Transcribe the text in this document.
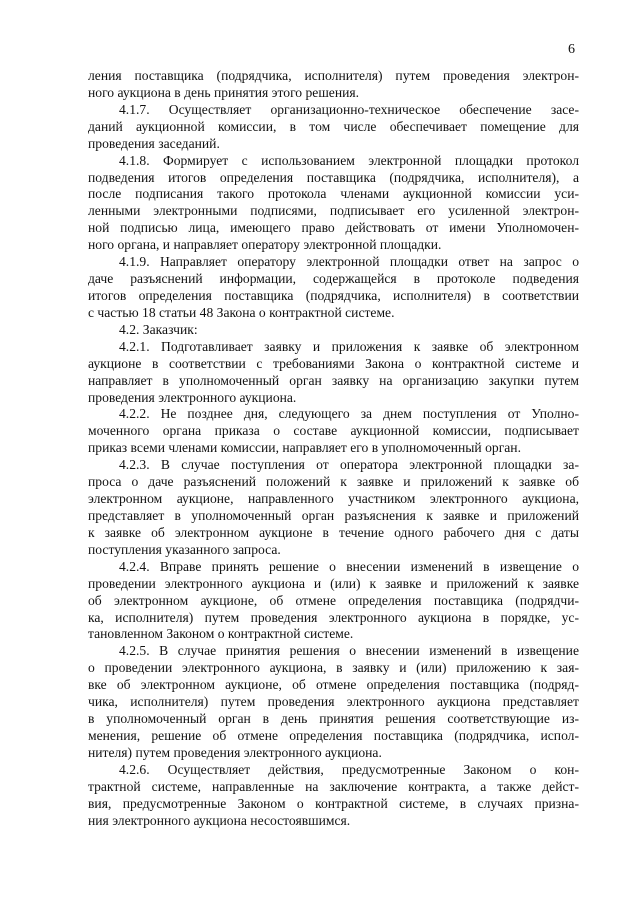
6
ления поставщика (подрядчика, исполнителя) путем проведения электрон-
ного аукциона в день принятия этого решения.
4.1.7. Осуществляет организационно-техническое обеспечение засе-
даний аукционной комиссии, в том числе обеспечивает помещение для
проведения заседаний.
4.1.8. Формирует с использованием электронной площадки протокол
подведения итогов определения поставщика (подрядчика, исполнителя), а
после подписания такого протокола членами аукционной комиссии уси-
ленными электронными подписями, подписывает его усиленной электрон-
ной подписью лица, имеющего право действовать от имени Уполномочен-
ного органа, и направляет оператору электронной площадки.
4.1.9. Направляет оператору электронной площадки ответ на запрос о
даче разъяснений информации, содержащейся в протоколе подведения
итогов определения поставщика (подрядчика, исполнителя) в соответствии
с частью 18 статьи 48 Закона о контрактной системе.
4.2. Заказчик:
4.2.1. Подготавливает заявку и приложения к заявке об электронном
аукционе в соответствии с требованиями Закона о контрактной системе и
направляет в уполномоченный орган заявку на организацию закупки путем
проведения электронного аукциона.
4.2.2. Не позднее дня, следующего за днем поступления от Уполно-
моченного органа приказа о составе аукционной комиссии, подписывает
приказ всеми членами комиссии, направляет его в уполномоченный орган.
4.2.3. В случае поступления от оператора электронной площадки за-
проса о даче разъяснений положений к заявке и приложений к заявке об
электронном аукционе, направленного участником электронного аукциона,
представляет в уполномоченный орган разъяснения к заявке и приложений
к заявке об электронном аукционе в течение одного рабочего дня с даты
поступления указанного запроса.
4.2.4. Вправе принять решение о внесении изменений в извещение о
проведении электронного аукциона и (или) к заявке и приложений к заявке
об электронном аукционе, об отмене определения поставщика (подрядчи-
ка, исполнителя) путем проведения электронного аукциона в порядке, ус-
тановленном Законом о контрактной системе.
4.2.5. В случае принятия решения о внесении изменений в извещение
о проведении электронного аукциона, в заявку и (или) приложению к зая-
вке об электронном аукционе, об отмене определения поставщика (подряд-
чика, исполнителя) путем проведения электронного аукциона представляет
в уполномоченный орган в день принятия решения соответствующие из-
менения, решение об отмене определения поставщика (подрядчика, испол-
нителя) путем проведения электронного аукциона.
4.2.6. Осуществляет действия, предусмотренные Законом о кон-
трактной системе, направленные на заключение контракта, а также дейст-
вия, предусмотренные Законом о контрактной системе, в случаях призна-
ния электронного аукциона несостоявшимся.
